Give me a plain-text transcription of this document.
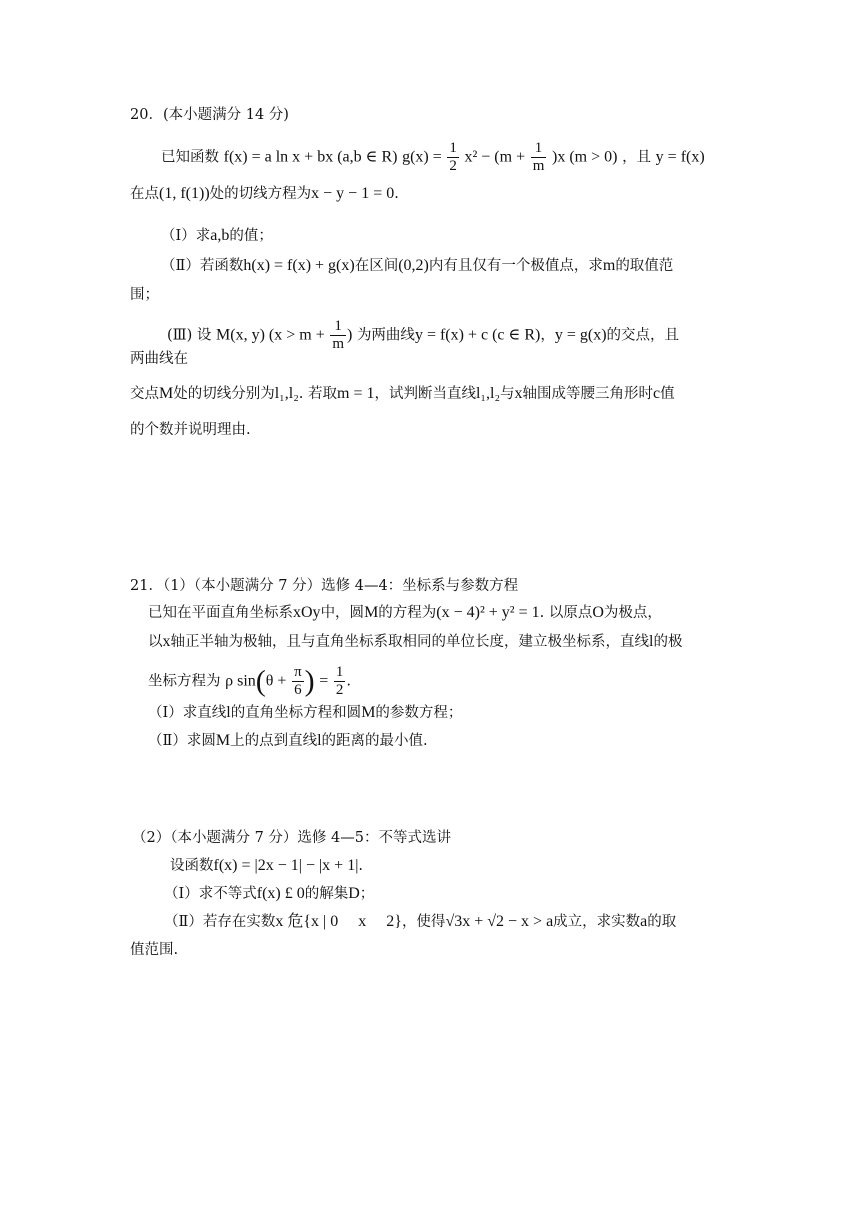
20．(本小题满分 14 分)
已知函数 f(x) = a ln x + bx (a,b ∈ R) $g(x) = \frac{1}{2} x^2 - (m + \frac{1}{m} )x$ (m > 0) ，且 y = f(x)
在点(1, f(1))处的切线方程为x − y − 1 = 0.
（Ⅰ）求a,b的值；
（Ⅱ）若函数h(x) = f(x) + g(x)在区间(0,2)内有且仅有一个极值点，求m的取值范
围；
(Ⅲ) 设 M(x, y) ($x > m + \frac{1}{m}$ ) 为两曲线y = f(x) + c (c ∈ R)，y = g(x)的交点，且
两曲线在
交点M处的切线分别为l₁,l₂. 若取m = 1，试判断当直线l₁,l₂与x轴围成等腰三角形时c值
的个数并说明理由.
21．（1）（本小题满分 7 分）选修 4—4：坐标系与参数方程
已知在平面直角坐标系xOy中，圆M的方程为(x − 4)² + y² = 1. 以原点O为极点，
以x轴正半轴为极轴，且与直角坐标系取相同的单位长度，建立极坐标系，直线l的极
坐标方程为 ρ $\sin(\theta + \frac{\pi}{6}$ ) = $\frac{1}{2}$ .
（Ⅰ）求直线l的直角坐标方程和圆M的参数方程；
（Ⅱ）求圆M上的点到直线l的距离的最小值.
（2）（本小题满分 7 分）选修 4—5：不等式选讲
设函数f(x) = |2x − 1| − |x + 1|.
（Ⅰ）求不等式f(x) £ 0的解集D；
（Ⅱ）若存在实数x 危{x | 0     x     2}，使得√3x + √2 − x > a成立，求实数a的取
值范围.
